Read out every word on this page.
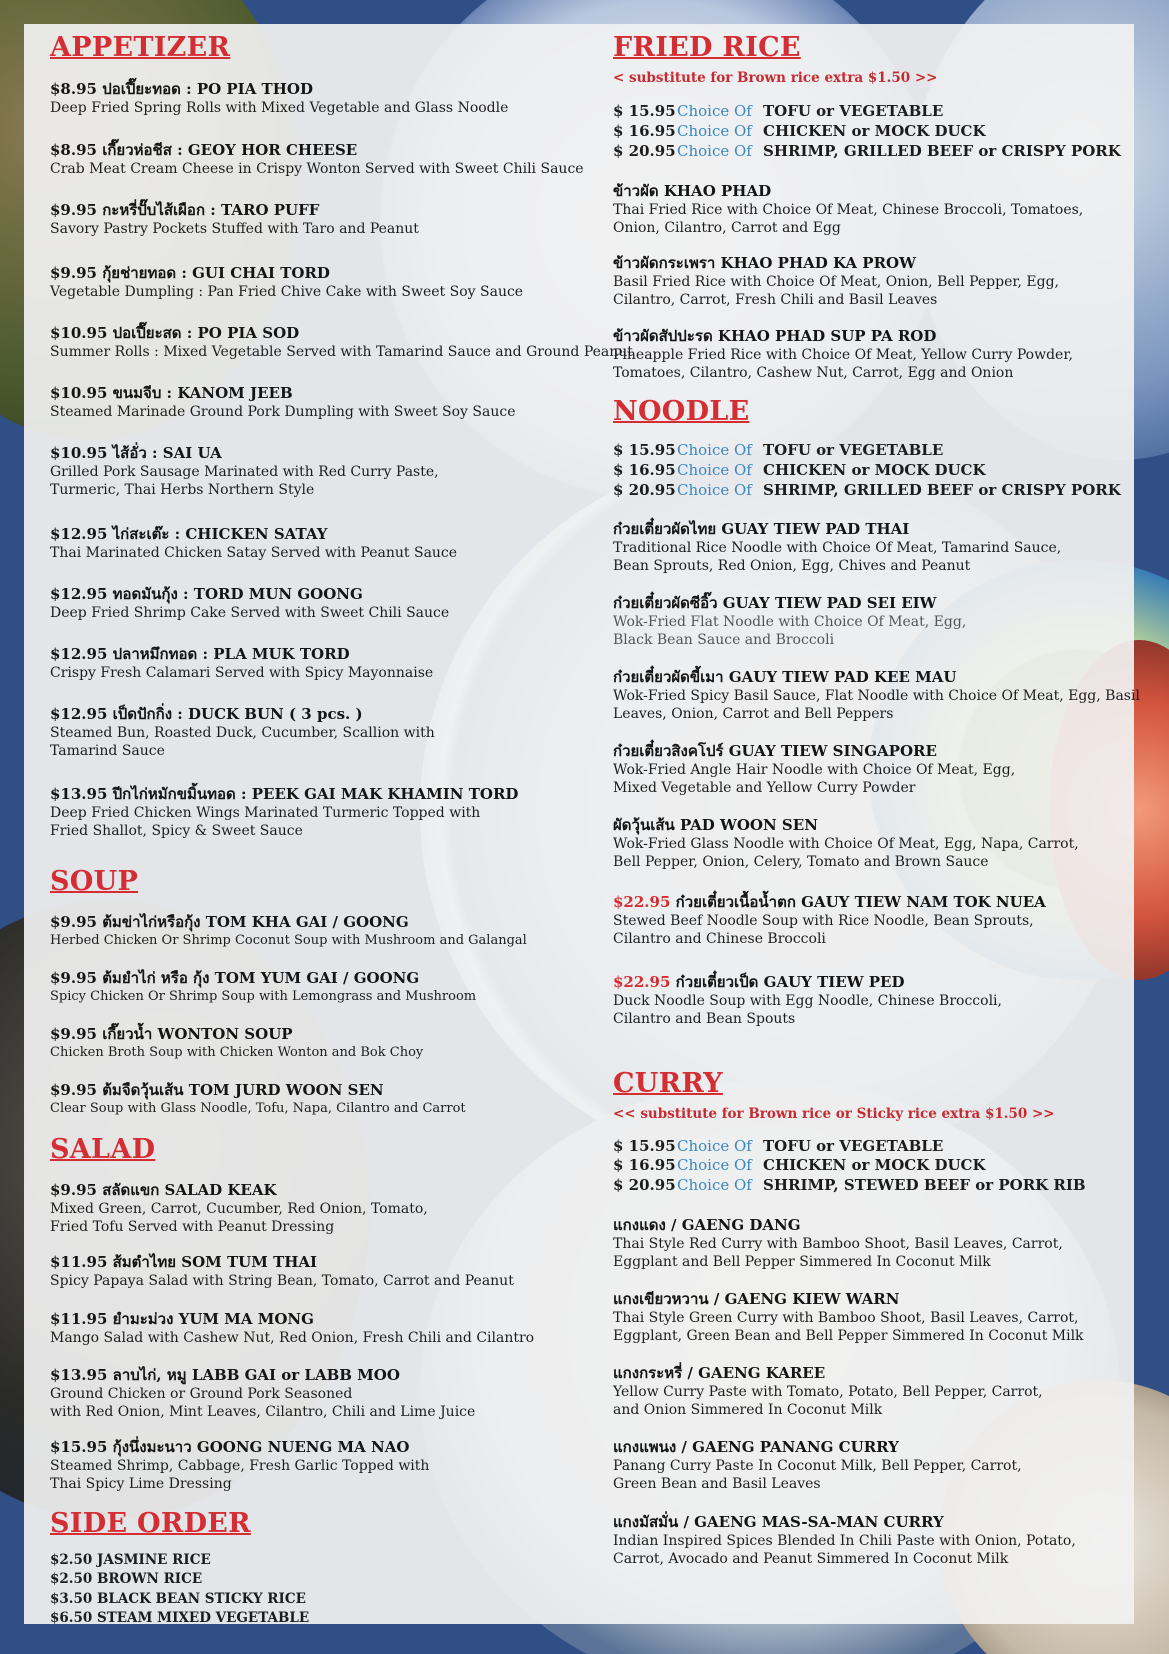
APPETIZER
$8.95 ปอเปี๊ยะทอด : PO PIA THOD
Deep Fried Spring Rolls with Mixed Vegetable and Glass Noodle
$8.95 เกี๊ยวห่อชีส : GEOY HOR CHEESE
Crab Meat Cream Cheese in Crispy Wonton Served with Sweet Chili Sauce
$9.95 กะหรี่ปั๊บไส้เผือก : TARO PUFF
Savory Pastry Pockets Stuffed with Taro and Peanut
$9.95 กุ้ยช่ายทอด : GUI CHAI TORD
Vegetable Dumpling : Pan Fried Chive Cake with Sweet Soy Sauce
$10.95 ปอเปี๊ยะสด : PO PIA SOD
Summer Rolls : Mixed Vegetable Served with Tamarind Sauce and Ground Peanut
$10.95 ขนมจีบ : KANOM JEEB
Steamed Marinade Ground Pork Dumpling with Sweet Soy Sauce
$10.95 ไส้อั่ว : SAI UA
Grilled Pork Sausage Marinated with Red Curry Paste,
Turmeric, Thai Herbs Northern Style
$12.95 ไก่สะเต๊ะ : CHICKEN SATAY
Thai Marinated Chicken Satay Served with Peanut Sauce
$12.95 ทอดมันกุ้ง : TORD MUN GOONG
Deep Fried Shrimp Cake Served with Sweet Chili Sauce
$12.95 ปลาหมึกทอด : PLA MUK TORD
Crispy Fresh Calamari Served with Spicy Mayonnaise
$12.95 เป็ดปักกิ่ง : DUCK BUN ( 3 pcs. )
Steamed Bun, Roasted Duck, Cucumber, Scallion with
Tamarind Sauce
$13.95 ปีกไก่หมักขมิ้นทอด : PEEK GAI MAK KHAMIN TORD
Deep Fried Chicken Wings Marinated Turmeric Topped with
Fried Shallot, Spicy & Sweet Sauce
SOUP
$9.95 ต้มข่าไก่หรือกุ้ง TOM KHA GAI / GOONG
Herbed Chicken Or Shrimp Coconut Soup with Mushroom and Galangal
$9.95 ต้มยำไก่ หรือ กุ้ง TOM YUM GAI / GOONG
Spicy Chicken Or Shrimp Soup with Lemongrass and Mushroom
$9.95 เกี๊ยวน้ำ WONTON SOUP
Chicken Broth Soup with Chicken Wonton and Bok Choy
$9.95 ต้มจืดวุ้นเส้น TOM JURD WOON SEN
Clear Soup with Glass Noodle, Tofu, Napa, Cilantro and Carrot
SALAD
$9.95 สลัดแขก SALAD KEAK
Mixed Green, Carrot, Cucumber, Red Onion, Tomato,
Fried Tofu Served with Peanut Dressing
$11.95 ส้มตำไทย SOM TUM THAI
Spicy Papaya Salad with String Bean, Tomato, Carrot and Peanut
$11.95 ยำมะม่วง YUM MA MONG
Mango Salad with Cashew Nut, Red Onion, Fresh Chili and Cilantro
$13.95 ลาบไก่, หมู LABB GAI or LABB MOO
Ground Chicken or Ground Pork Seasoned
with Red Onion, Mint Leaves, Cilantro, Chili and Lime Juice
$15.95 กุ้งนึ่งมะนาว GOONG NUENG MA NAO
Steamed Shrimp, Cabbage, Fresh Garlic Topped with
Thai Spicy Lime Dressing
SIDE ORDER
$2.50 JASMINE RICE
$2.50 BROWN RICE
$3.50 BLACK BEAN STICKY RICE
$6.50 STEAM MIXED VEGETABLE
FRIED RICE
< substitute for Brown rice extra $1.50 >>
$ 15.95Choice Of TOFU or VEGETABLE
$ 16.95Choice Of CHICKEN or MOCK DUCK
$ 20.95Choice Of SHRIMP, GRILLED BEEF or CRISPY PORK
ข้าวผัด KHAO PHAD
Thai Fried Rice with Choice Of Meat, Chinese Broccoli, Tomatoes,
Onion, Cilantro, Carrot and Egg
ข้าวผัดกระเพรา KHAO PHAD KA PROW
Basil Fried Rice with Choice Of Meat, Onion, Bell Pepper, Egg,
Cilantro, Carrot, Fresh Chili and Basil Leaves
ข้าวผัดสัปปะรด KHAO PHAD SUP PA ROD
Pineapple Fried Rice with Choice Of Meat, Yellow Curry Powder,
Tomatoes, Cilantro, Cashew Nut, Carrot, Egg and Onion
NOODLE
$ 15.95Choice Of TOFU or VEGETABLE
$ 16.95Choice Of CHICKEN or MOCK DUCK
$ 20.95Choice Of SHRIMP, GRILLED BEEF or CRISPY PORK
ก๋วยเตี๋ยวผัดไทย GUAY TIEW PAD THAI
Traditional Rice Noodle with Choice Of Meat, Tamarind Sauce,
Bean Sprouts, Red Onion, Egg, Chives and Peanut
ก๋วยเตี๋ยวผัดซีอิ๊ว GUAY TIEW PAD SEI EIW
Wok-Fried Flat Noodle with Choice Of Meat, Egg,
Black Bean Sauce and Broccoli
ก๋วยเตี๋ยวผัดขี้เมา GAUY TIEW PAD KEE MAU
Wok-Fried Spicy Basil Sauce, Flat Noodle with Choice Of Meat, Egg, Basil
Leaves, Onion, Carrot and Bell Peppers
ก๋วยเตี๋ยวสิงคโปร์ GUAY TIEW SINGAPORE
Wok-Fried Angle Hair Noodle with Choice Of Meat, Egg,
Mixed Vegetable and Yellow Curry Powder
ผัดวุ้นเส้น PAD WOON SEN
Wok-Fried Glass Noodle with Choice Of Meat, Egg, Napa, Carrot,
Bell Pepper, Onion, Celery, Tomato and Brown Sauce
$22.95 ก๋วยเตี๋ยวเนื้อน้ำตก GAUY TIEW NAM TOK NUEA
Stewed Beef Noodle Soup with Rice Noodle, Bean Sprouts,
Cilantro and Chinese Broccoli
$22.95 ก๋วยเตี๋ยวเป็ด GAUY TIEW PED
Duck Noodle Soup with Egg Noodle, Chinese Broccoli,
Cilantro and Bean Spouts
CURRY
<< substitute for Brown rice or Sticky rice extra $1.50 >>
$ 15.95Choice Of TOFU or VEGETABLE
$ 16.95Choice Of CHICKEN or MOCK DUCK
$ 20.95Choice Of SHRIMP, STEWED BEEF or PORK RIB
แกงแดง / GAENG DANG
Thai Style Red Curry with Bamboo Shoot, Basil Leaves, Carrot,
Eggplant and Bell Pepper Simmered In Coconut Milk
แกงเขียวหวาน / GAENG KIEW WARN
Thai Style Green Curry with Bamboo Shoot, Basil Leaves, Carrot,
Eggplant, Green Bean and Bell Pepper Simmered In Coconut Milk
แกงกระหรี่ / GAENG KAREE
Yellow Curry Paste with Tomato, Potato, Bell Pepper, Carrot,
and Onion Simmered In Coconut Milk
แกงแพนง / GAENG PANANG CURRY
Panang Curry Paste In Coconut Milk, Bell Pepper, Carrot,
Green Bean and Basil Leaves
แกงมัสมั่น / GAENG MAS-SA-MAN CURRY
Indian Inspired Spices Blended In Chili Paste with Onion, Potato,
Carrot, Avocado and Peanut Simmered In Coconut Milk
